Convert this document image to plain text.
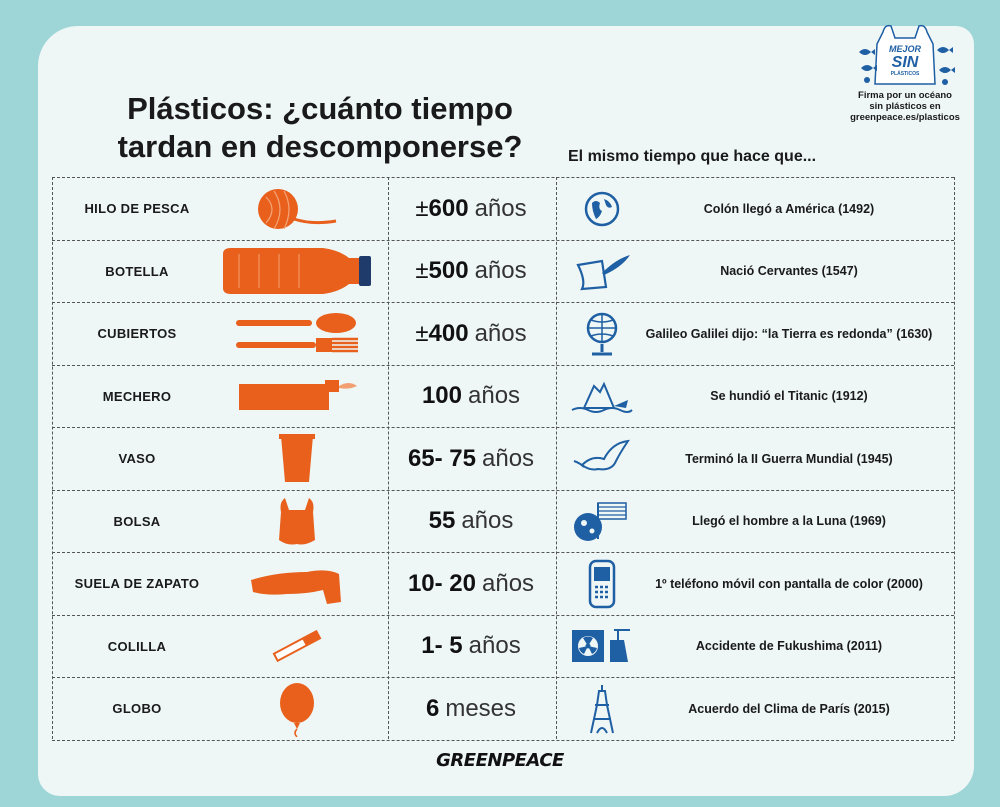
Plásticos: ¿cuánto tiempo
tardan en descomponerse?	El mismo tiempo que hace que...
MEJOR
SIN
PLÁSTICOS
Firma por un océano
sin plásticos en
greenpeace.es/plasticos
HILO DE PESCA	± 600 años	Colón llegó a América (1492)
BOTELLA	± 500 años	Nació Cervantes (1547)
CUBIERTOS	± 400 años	Galileo Galilei dijo: “la Tierra es redonda” (1630)
MECHERO	100 años	Se hundió el Titanic (1912)
VASO	65- 75 años	Terminó la II Guerra Mundial (1945)
BOLSA	55 años	Llegó el hombre a la Luna (1969)
SUELA DE ZAPATO	10- 20 años	1º teléfono móvil con pantalla de color (2000)
COLILLA	1- 5 años	Accidente de Fukushima (2011)
GLOBO	6 meses	Acuerdo del Clima de París (2015)
GREENPEACE
